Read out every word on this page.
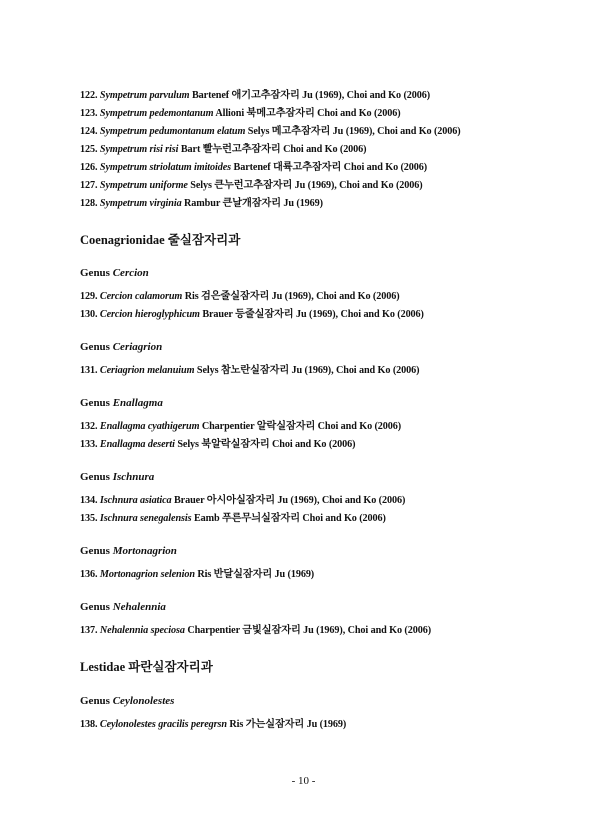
122. Sympetrum parvulum Bartenef 애기고추잠자리 Ju (1969), Choi and Ko (2006)
123. Sympetrum pedemontanum Allioni 북메고추잠자리 Choi and Ko (2006)
124. Sympetrum pedumontanum elatum Selys 메고추잠자리 Ju (1969), Choi and Ko (2006)
125. Sympetrum risi risi Bart 빨누런고추잠자리 Choi and Ko (2006)
126. Sympetrum striolatum imitoides Bartenef 대륙고추잠자리 Choi and Ko (2006)
127. Sympetrum uniforme Selys 큰누런고추잠자리 Ju (1969), Choi and Ko (2006)
128. Sympetrum virginia Rambur 큰날개잠자리 Ju (1969)
Coenagrionidae 줄실잠자리과
Genus Cercion
129. Cercion calamorum Ris 검은줄실잠자리 Ju (1969), Choi and Ko (2006)
130. Cercion hieroglyphicum Brauer 등줄실잠자리 Ju (1969), Choi and Ko (2006)
Genus Ceriagrion
131. Ceriagrion melanuium Selys 참노란실잠자리 Ju (1969), Choi and Ko (2006)
Genus Enallagma
132. Enallagma cyathigerum Charpentier 알락실잠자리 Choi and Ko (2006)
133. Enallagma deserti Selys 북알락실잠자리 Choi and Ko (2006)
Genus Ischnura
134. Ischnura asiatica Brauer 아시아실잠자리 Ju (1969), Choi and Ko (2006)
135. Ischnura senegalensis Eamb 푸른무늬실잠자리 Choi and Ko (2006)
Genus Mortonagrion
136. Mortonagrion selenion Ris 반달실잠자리 Ju (1969)
Genus Nehalennia
137. Nehalennia speciosa Charpentier 금빛실잠자리 Ju (1969), Choi and Ko (2006)
Lestidae 파란실잠자리과
Genus Ceylonolestes
138. Ceylonolestes gracilis peregrsn Ris 가는실잠자리 Ju (1969)
- 10 -
